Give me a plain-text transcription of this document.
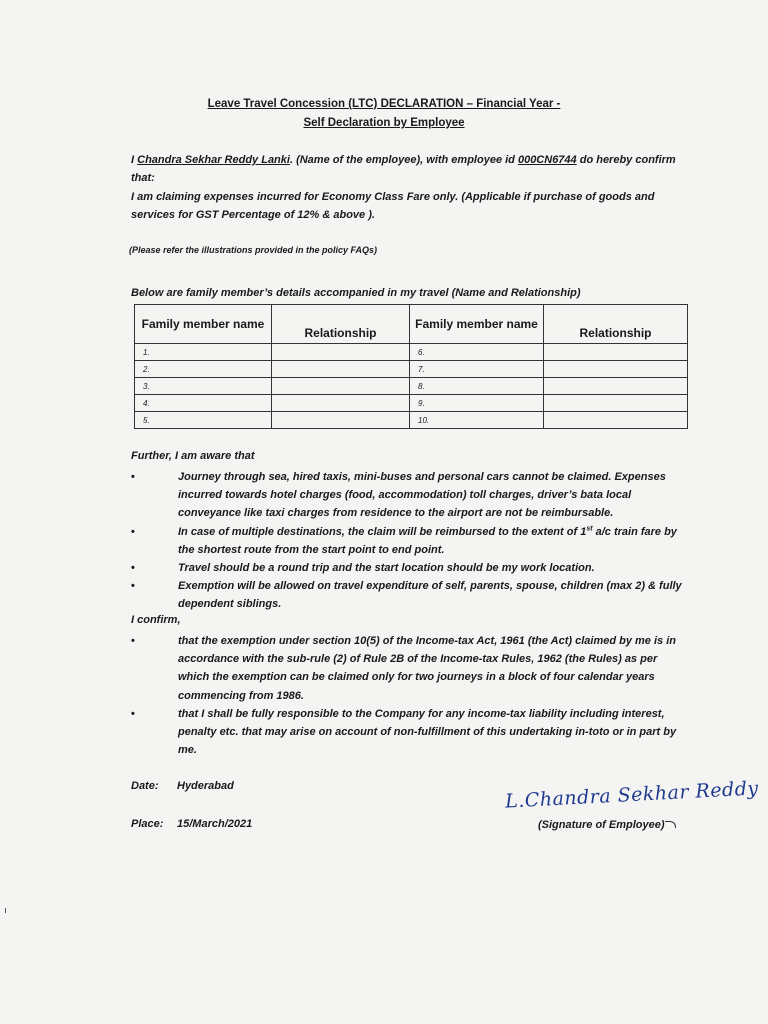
Leave Travel Concession (LTC) DECLARATION – Financial Year -
Self Declaration by Employee
I Chandra Sekhar Reddy Lanki. (Name of the employee), with employee id 000CN6744 do hereby confirm
that:
I am claiming expenses incurred for Economy Class Fare only. (Applicable if purchase of goods and
services for GST Percentage of 12% & above ).
(Please refer the illustrations provided in the policy FAQs)
Below are family member’s details accompanied in my travel (Name and Relationship)
Family member name	Relationship	Family member name	Relationship
1.		6.	
2.		7.	
3.		8.	
4.		9.	
5.		10.	
Further, I am aware that
•	Journey through sea, hired taxis, mini-buses and personal cars cannot be claimed. Expenses incurred towards hotel charges (food, accommodation) toll charges, driver’s bata local conveyance like taxi charges from residence to the airport are not be reimbursable.
•	In case of multiple destinations, the claim will be reimbursed to the extent of 1st a/c train fare by the shortest route from the start point to end point.
•	Travel should be a round trip and the start location should be my work location.
•	Exemption will be allowed on travel expenditure of self, parents, spouse, children (max 2) & fully dependent siblings.
I confirm,
•	that the exemption under section 10(5) of the Income-tax Act, 1961 (the Act) claimed by me is in accordance with the sub-rule (2) of Rule 2B of the Income-tax Rules, 1962 (the Rules) as per which the exemption can be claimed only for two journeys in a block of four calendar years commencing from 1986.
•	that I shall be fully responsible to the Company for any income-tax liability including interest, penalty etc. that may arise on account of non-fulfillment of this undertaking in-toto or in part by me.
Date: Hyderabad
Place: 15/March/2021
L.Chandra Sekhar Reddy
(Signature of Employee)
